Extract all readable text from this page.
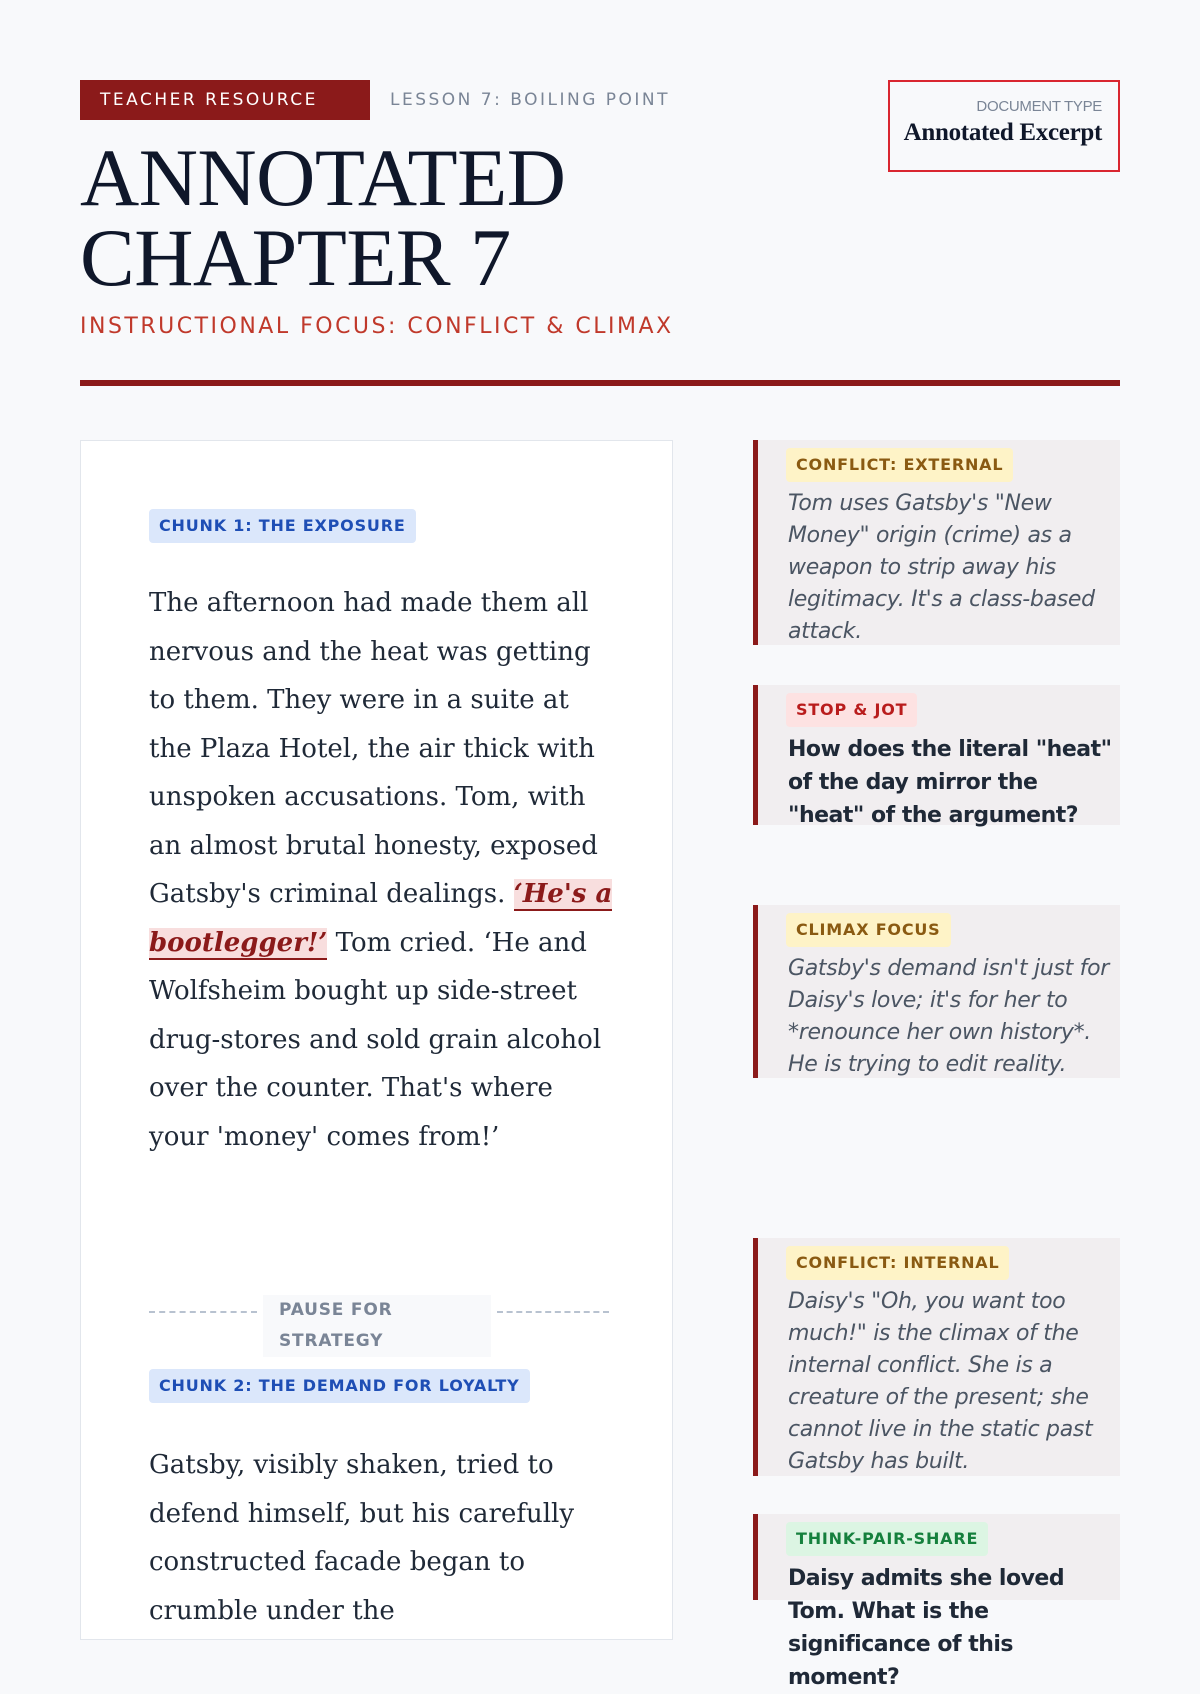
TEACHER RESOURCE	LESSON 7: BOILING POINT	DOCUMENT TYPE
Annotated Excerpt
ANNOTATED
CHAPTER 7
INSTRUCTIONAL FOCUS: CONFLICT & CLIMAX
CHUNK 1: THE EXPOSURE
The afternoon had made them all nervous and the heat was getting to them. They were in a suite at the Plaza Hotel, the air thick with unspoken accusations. Tom, with an almost brutal honesty, exposed Gatsby's criminal dealings. ‘He's a bootlegger!’ Tom cried. ‘He and Wolfsheim bought up side-street drug-stores and sold grain alcohol over the counter. That's where your 'money' comes from!’
PAUSE FOR STRATEGY
CHUNK 2: THE DEMAND FOR LOYALTY
Gatsby, visibly shaken, tried to defend himself, but his carefully constructed facade began to crumble under the
CONFLICT: EXTERNAL
Tom uses Gatsby's "New Money" origin (crime) as a weapon to strip away his legitimacy. It's a class-based attack.
STOP & JOT
How does the literal "heat" of the day mirror the "heat" of the argument?
CLIMAX FOCUS
Gatsby's demand isn't just for Daisy's love; it's for her to *renounce her own history*. He is trying to edit reality.
CONFLICT: INTERNAL
Daisy's "Oh, you want too much!" is the climax of the internal conflict. She is a creature of the present; she cannot live in the static past Gatsby has built.
THINK-PAIR-SHARE
Daisy admits she loved Tom. What is the significance of this moment?
